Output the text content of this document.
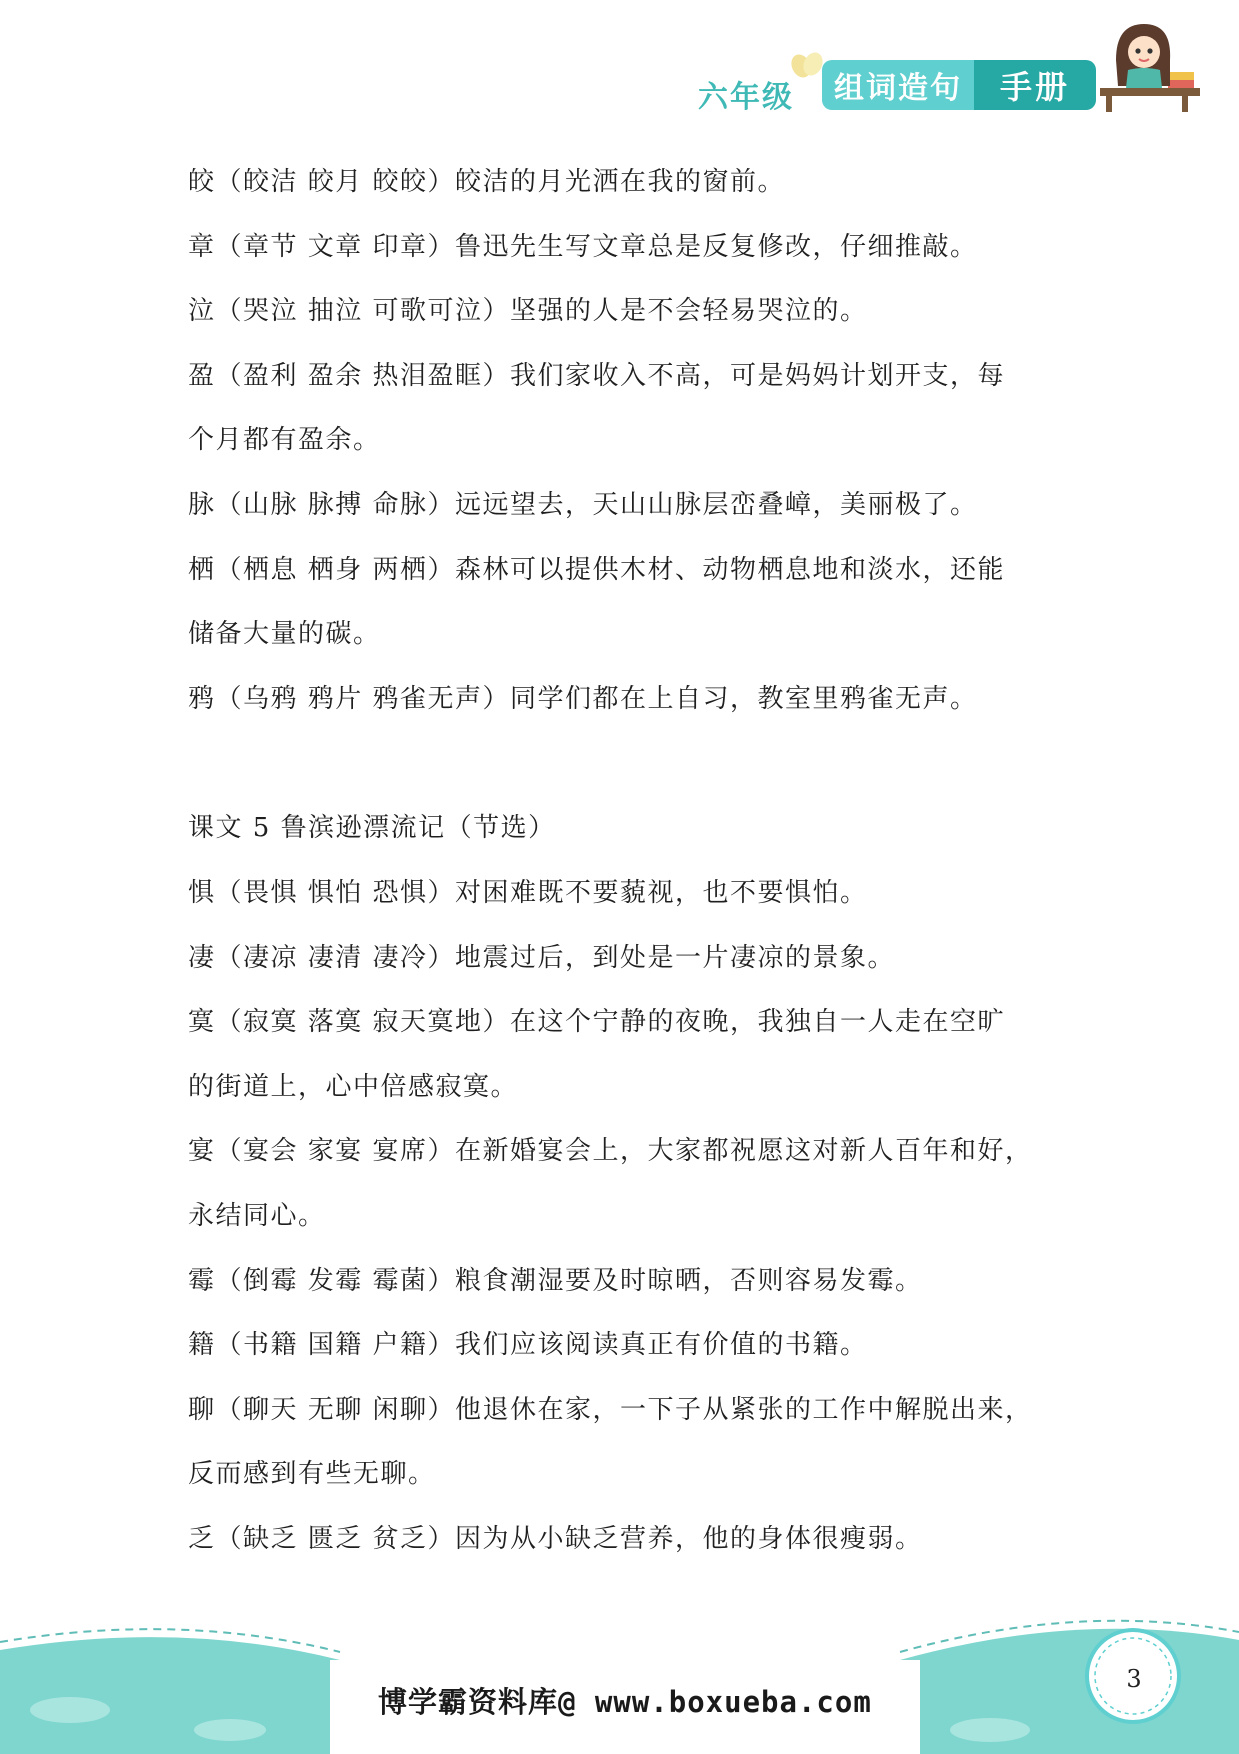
六年级	组词造句	手册
皎（皎洁 皎月 皎皎）皎洁的月光洒在我的窗前。
章（章节 文章 印章）鲁迅先生写文章总是反复修改，仔细推敲。
泣（哭泣 抽泣 可歌可泣）坚强的人是不会轻易哭泣的。
盈（盈利 盈余 热泪盈眶）我们家收入不高，可是妈妈计划开支，每
个月都有盈余。
脉（山脉 脉搏 命脉）远远望去，天山山脉层峦叠嶂，美丽极了。
栖（栖息 栖身 两栖）森林可以提供木材、动物栖息地和淡水，还能
储备大量的碳。
鸦（乌鸦 鸦片 鸦雀无声）同学们都在上自习，教室里鸦雀无声。
课文 5 鲁滨逊漂流记（节选）
惧（畏惧 惧怕 恐惧）对困难既不要藐视，也不要惧怕。
凄（凄凉 凄清 凄冷）地震过后，到处是一片凄凉的景象。
寞（寂寞 落寞 寂天寞地）在这个宁静的夜晚，我独自一人走在空旷
的街道上，心中倍感寂寞。
宴（宴会 家宴 宴席）在新婚宴会上，大家都祝愿这对新人百年和好，
永结同心。
霉（倒霉 发霉 霉菌）粮食潮湿要及时晾晒，否则容易发霉。
籍（书籍 国籍 户籍）我们应该阅读真正有价值的书籍。
聊（聊天 无聊 闲聊）他退休在家，一下子从紧张的工作中解脱出来，
反而感到有些无聊。
乏（缺乏 匮乏 贫乏）因为从小缺乏营养，他的身体很瘦弱。
博学霸资料库@ www.boxueba.com
3
